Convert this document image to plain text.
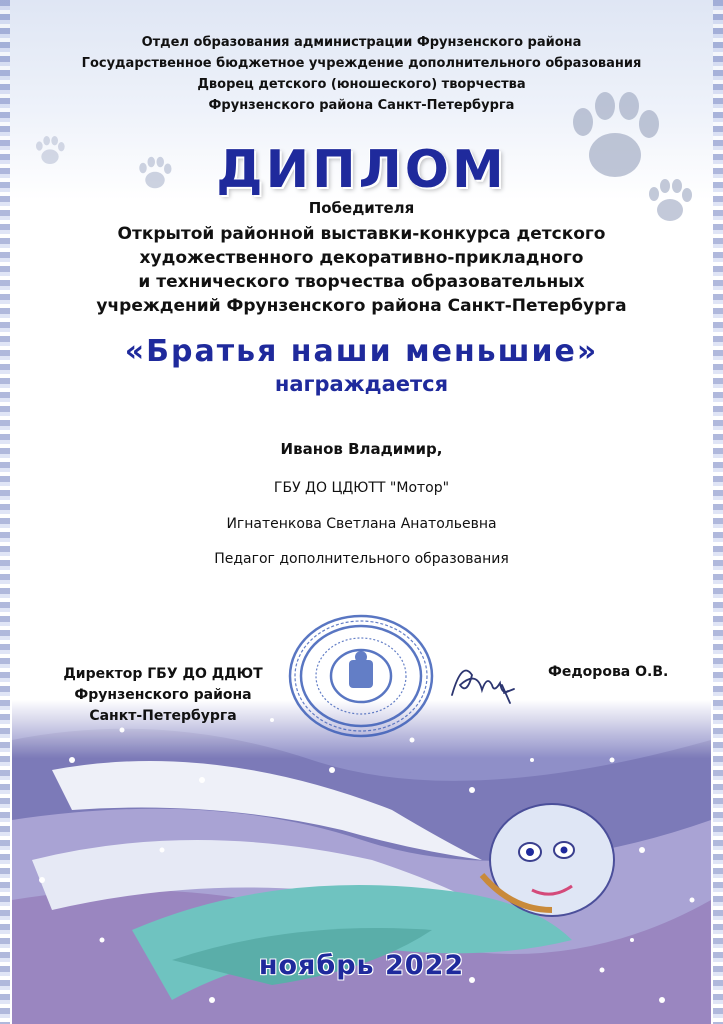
Отдел образования администрации Фрунзенского района
Государственное бюджетное учреждение дополнительного образования
Дворец детского (юношеского) творчества
Фрунзенского района Санкт-Петербурга
ДИПЛОМ
Победителя
Открытой районной выставки-конкурса детского
художественного декоративно-прикладного
и технического творчества образовательных
учреждений Фрунзенского района Санкт-Петербурга
«Братья наши меньшие»
награждается
Иванов Владимир,
ГБУ ДО ЦДЮТТ "Мотор"
Игнатенкова Светлана Анатольевна
Педагог дополнительного образования
Директор ГБУ ДО ДДЮТ
Фрунзенского района
Санкт-Петербурга
Федорова О.В.
ноябрь 2022
